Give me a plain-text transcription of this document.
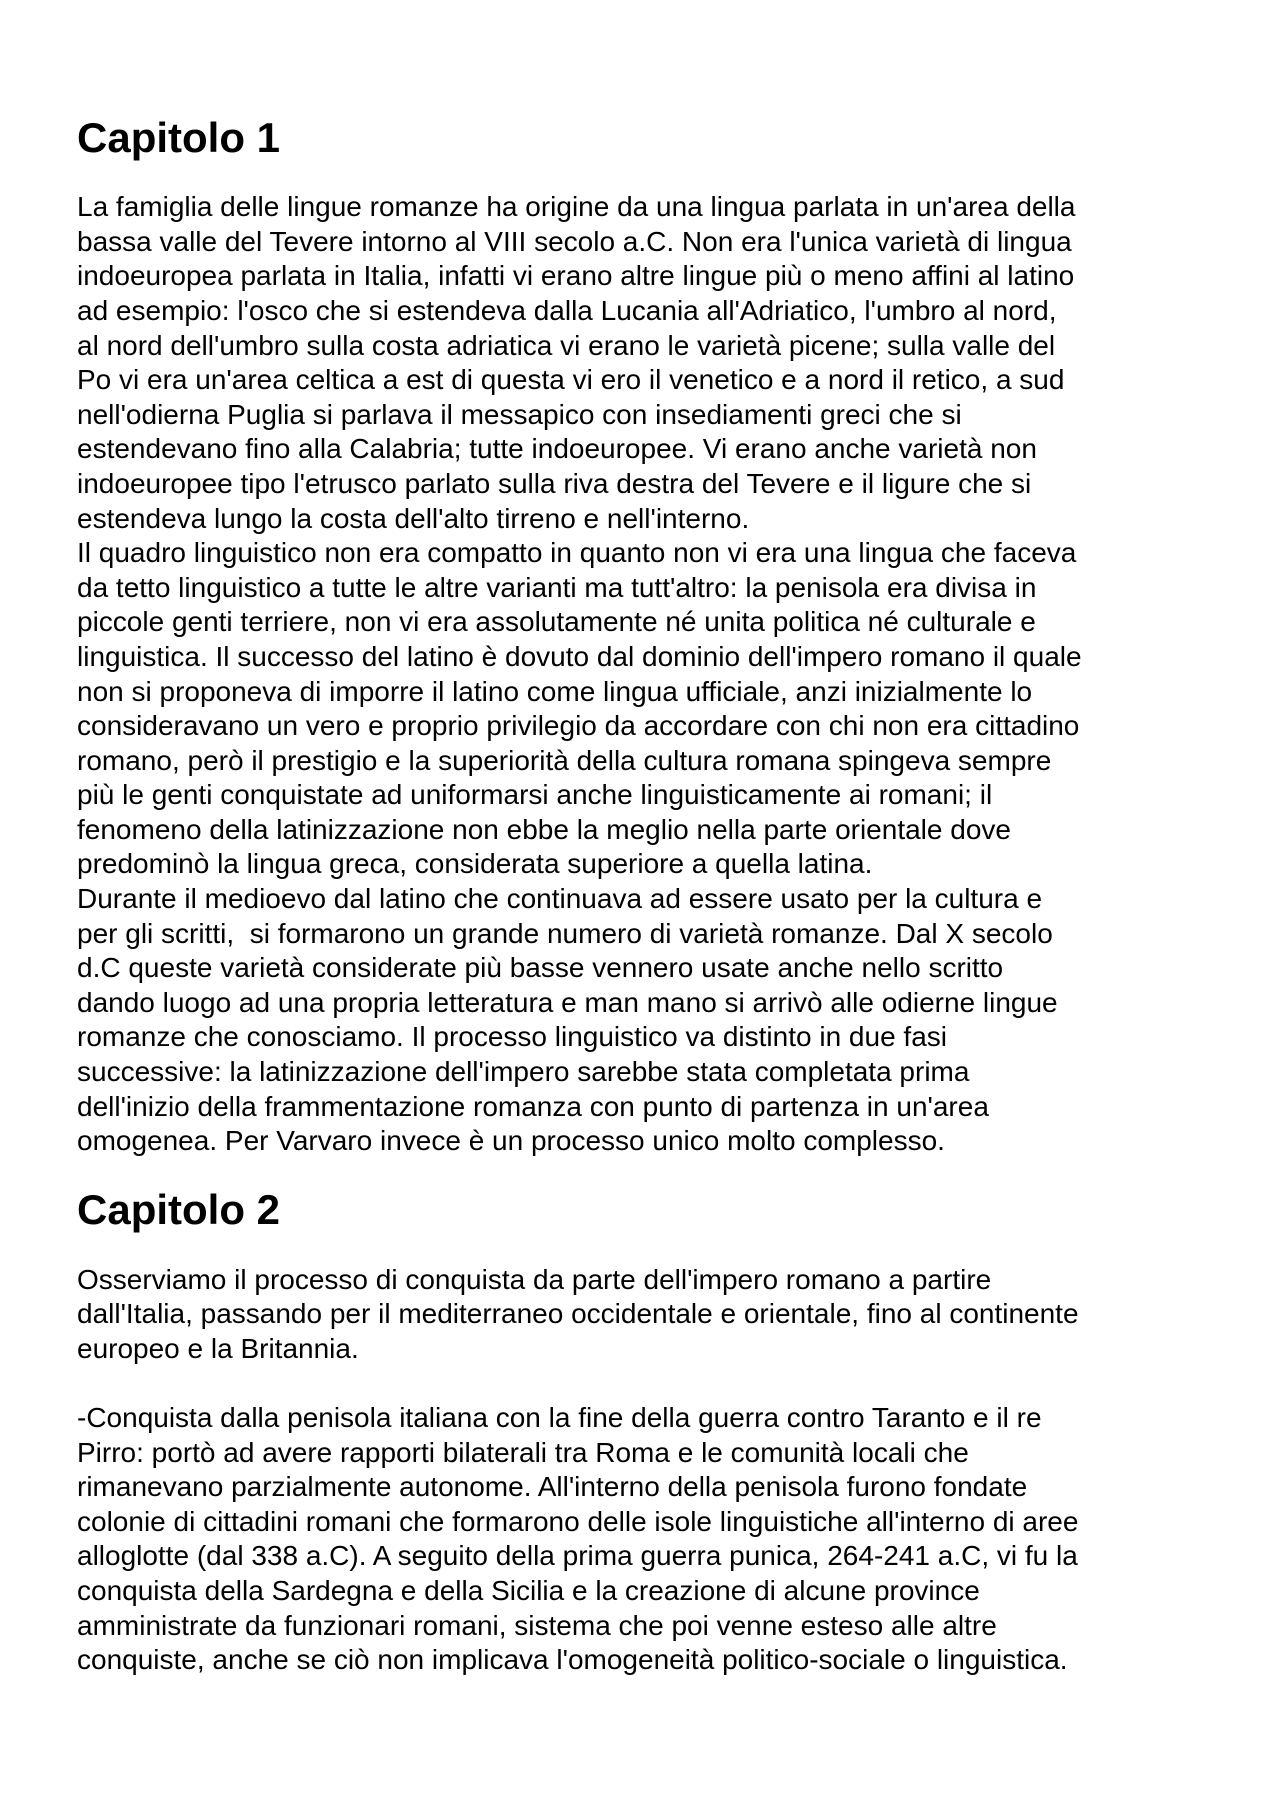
Capitolo 1

La famiglia delle lingue romanze ha origine da una lingua parlata in un'area della
bassa valle del Tevere intorno al VIII secolo a.C. Non era l'unica varietà di lingua
indoeuropea parlata in Italia, infatti vi erano altre lingue più o meno affini al latino
ad esempio: l'osco che si estendeva dalla Lucania all'Adriatico, l'umbro al nord,
al nord dell'umbro sulla costa adriatica vi erano le varietà picene; sulla valle del
Po vi era un'area celtica a est di questa vi ero il venetico e a nord il retico, a sud
nell'odierna Puglia si parlava il messapico con insediamenti greci che si
estendevano fino alla Calabria; tutte indoeuropee. Vi erano anche varietà non
indoeuropee tipo l'etrusco parlato sulla riva destra del Tevere e il ligure che si
estendeva lungo la costa dell'alto tirreno e nell'interno.
Il quadro linguistico non era compatto in quanto non vi era una lingua che faceva
da tetto linguistico a tutte le altre varianti ma tutt'altro: la penisola era divisa in
piccole genti terriere, non vi era assolutamente né unita politica né culturale e
linguistica. Il successo del latino è dovuto dal dominio dell'impero romano il quale
non si proponeva di imporre il latino come lingua ufficiale, anzi inizialmente lo
consideravano un vero e proprio privilegio da accordare con chi non era cittadino
romano, però il prestigio e la superiorità della cultura romana spingeva sempre
più le genti conquistate ad uniformarsi anche linguisticamente ai romani; il
fenomeno della latinizzazione non ebbe la meglio nella parte orientale dove
predominò la lingua greca, considerata superiore a quella latina.
Durante il medioevo dal latino che continuava ad essere usato per la cultura e
per gli scritti,  si formarono un grande numero di varietà romanze. Dal X secolo
d.C queste varietà considerate più basse vennero usate anche nello scritto
dando luogo ad una propria letteratura e man mano si arrivò alle odierne lingue
romanze che conosciamo. Il processo linguistico va distinto in due fasi
successive: la latinizzazione dell'impero sarebbe stata completata prima
dell'inizio della frammentazione romanza con punto di partenza in un'area
omogenea. Per Varvaro invece è un processo unico molto complesso.

Capitolo 2

Osserviamo il processo di conquista da parte dell'impero romano a partire
dall'Italia, passando per il mediterraneo occidentale e orientale, fino al continente
europeo e la Britannia.

-Conquista dalla penisola italiana con la fine della guerra contro Taranto e il re
Pirro: portò ad avere rapporti bilaterali tra Roma e le comunità locali che
rimanevano parzialmente autonome. All'interno della penisola furono fondate
colonie di cittadini romani che formarono delle isole linguistiche all'interno di aree
alloglotte (dal 338 a.C). A seguito della prima guerra punica, 264-241 a.C, vi fu la
conquista della Sardegna e della Sicilia e la creazione di alcune province
amministrate da funzionari romani, sistema che poi venne esteso alle altre
conquiste, anche se ciò non implicava l'omogeneità politico-sociale o linguistica.
